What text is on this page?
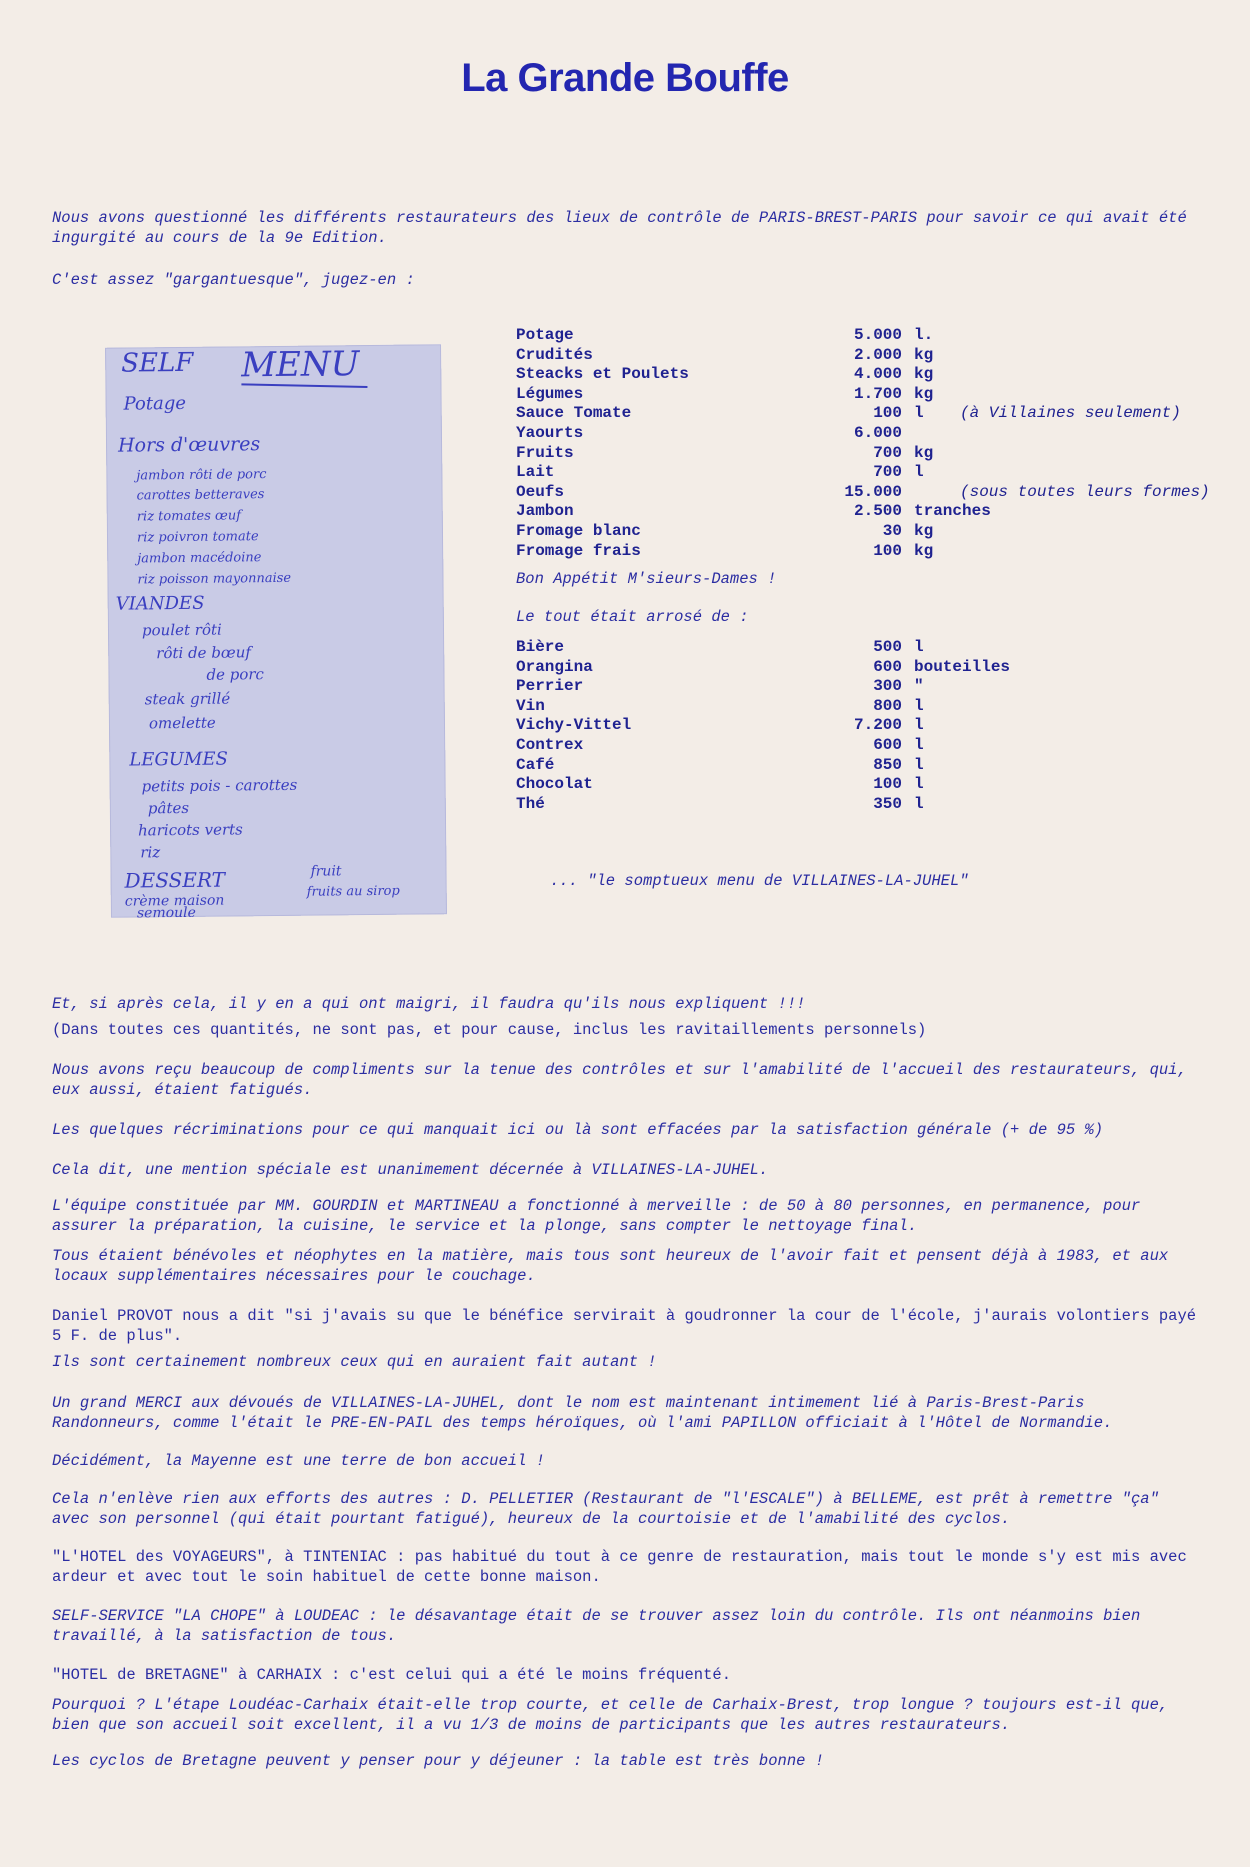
La Grande Bouffe
Nous avons questionné les différents restaurateurs des lieux de contrôle de PARIS-BREST-PARIS pour savoir ce qui avait été ingurgité au cours de la 9e Edition.
C'est assez "gargantuesque", jugez-en :
SELF MENU
Potage
Hors d'œuvres
jambon rôti de porc
carottes betteraves
riz tomates œuf
riz poivron tomate
jambon macédoine
riz poisson mayonnaise
VIANDES
poulet rôti
rôti de bœuf
de porc
steak grillé
omelette
LEGUMES
petits pois - carottes
pâtes
haricots verts
riz
DESSERT
crème maison
semoule
fruit
fruits au sirop
Potage	5.000 l.
Crudités	2.000 kg
Steacks et Poulets	4.000 kg
Légumes	1.700 kg
Sauce Tomate	100 l (à Villaines seulement)
Yaourts	6.000
Fruits	700 kg
Lait	700 l
Oeufs	15.000	(sous toutes leurs formes)
Jambon	2.500 tranches
Fromage blanc	30 kg
Fromage frais	100 kg
Bon Appétit M'sieurs-Dames !
Le tout était arrosé de :
Bière	500 l
Orangina	600 bouteilles
Perrier	300 "
Vin	800 l
Vichy-Vittel	7.200 l
Contrex	600 l
Café	850 l
Chocolat	100 l
Thé	350 l
... "le somptueux menu de VILLAINES-LA-JUHEL"
Et, si après cela, il y en a qui ont maigri, il faudra qu'ils nous expliquent !!!
(Dans toutes ces quantités, ne sont pas, et pour cause, inclus les ravitaillements personnels)
Nous avons reçu beaucoup de compliments sur la tenue des contrôles et sur l'amabilité de l'accueil des restaurateurs, qui, eux aussi, étaient fatigués.
Les quelques récriminations pour ce qui manquait ici ou là sont effacées par la satisfaction générale (+ de 95 %)
Cela dit, une mention spéciale est unanimement décernée à VILLAINES-LA-JUHEL.
L'équipe constituée par MM. GOURDIN et MARTINEAU a fonctionné à merveille : de 50 à 80 personnes, en permanence, pour assurer la préparation, la cuisine, le service et la plonge, sans compter le nettoyage final.
Tous étaient bénévoles et néophytes en la matière, mais tous sont heureux de l'avoir fait et pensent déjà à 1983, et aux locaux supplémentaires nécessaires pour le couchage.
Daniel PROVOT nous a dit "si j'avais su que le bénéfice servirait à goudronner la cour de l'école, j'aurais volontiers payé 5 F. de plus".
Ils sont certainement nombreux ceux qui en auraient fait autant !
Un grand MERCI aux dévoués de VILLAINES-LA-JUHEL, dont le nom est maintenant intimement lié à Paris-Brest-Paris Randonneurs, comme l'était le PRE-EN-PAIL des temps héroïques, où l'ami PAPILLON officiait à l'Hôtel de Normandie.
Décidément, la Mayenne est une terre de bon accueil !
Cela n'enlève rien aux efforts des autres : D. PELLETIER (Restaurant de "l'ESCALE") à BELLEME, est prêt à remettre "ça" avec son personnel (qui était pourtant fatigué), heureux de la courtoisie et de l'amabilité des cyclos.
"L'HOTEL des VOYAGEURS", à TINTENIAC : pas habitué du tout à ce genre de restauration, mais tout le monde s'y est mis avec ardeur et avec tout le soin habituel de cette bonne maison.
SELF-SERVICE "LA CHOPE" à LOUDEAC : le désavantage était de se trouver assez loin du contrôle. Ils ont néanmoins bien travaillé, à la satisfaction de tous.
"HOTEL de BRETAGNE" à CARHAIX : c'est celui qui a été le moins fréquenté.
Pourquoi ? L'étape Loudéac-Carhaix était-elle trop courte, et celle de Carhaix-Brest, trop longue ? toujours est-il que, bien que son accueil soit excellent, il a vu 1/3 de moins de participants que les autres restaurateurs.
Les cyclos de Bretagne peuvent y penser pour y déjeuner : la table est très bonne !
